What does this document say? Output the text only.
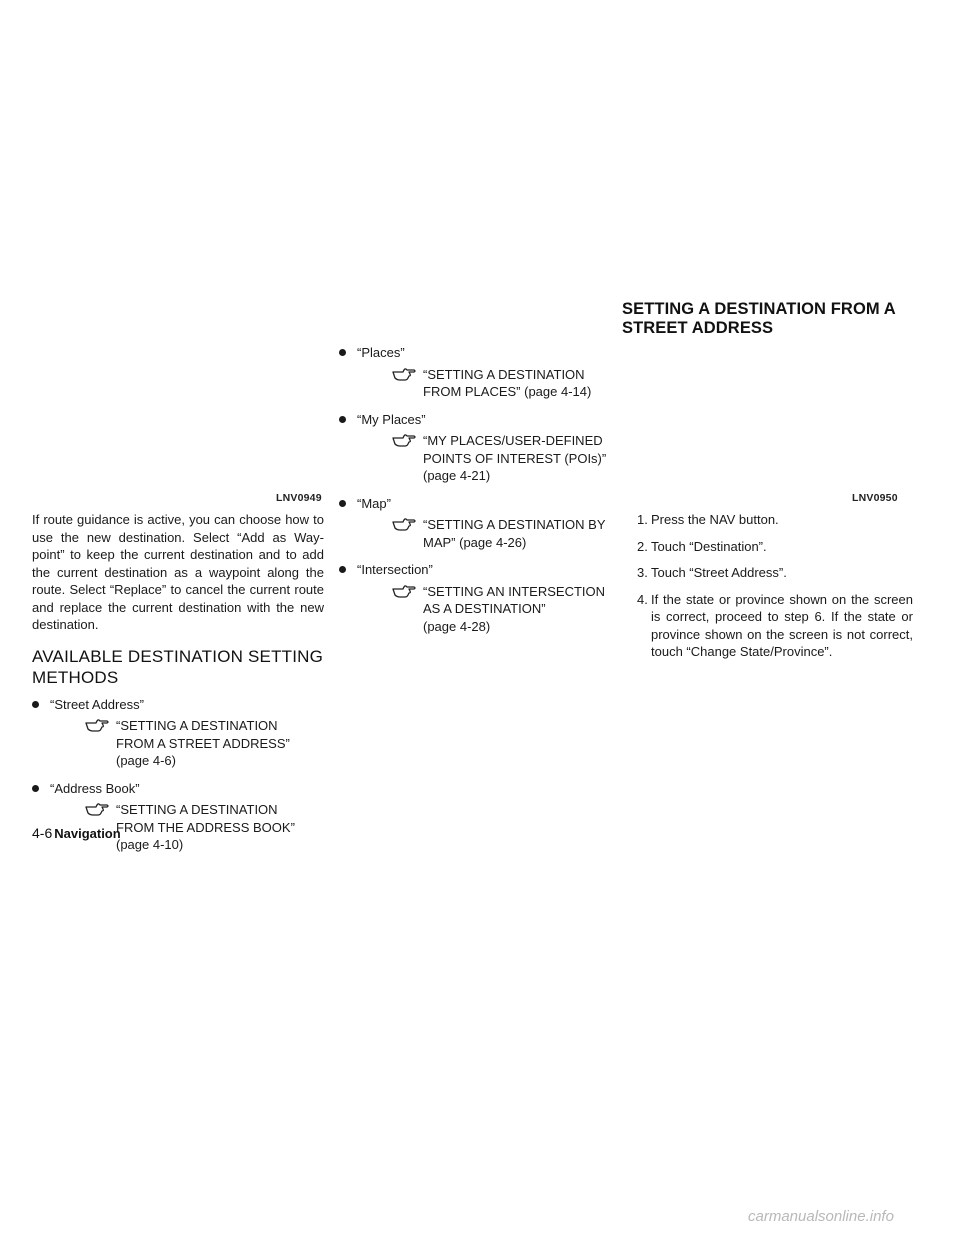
LNV0949	LNV0950
SETTING A DESTINATION FROM A
STREET ADDRESS

If route guidance is active, you can choose how to use the new destination. Select “Add as Way-point” to keep the current destination and to add the current destination as a waypoint along the route. Select “Replace” to cancel the current route and replace the current destination with the new destination.

AVAILABLE DESTINATION SETTING
METHODS
“Street Address”
“SETTING A DESTINATION
FROM A STREET ADDRESS”
(page 4-6)
“Address Book”
“SETTING A DESTINATION
FROM THE ADDRESS BOOK”
(page 4-10)
“Places”
“SETTING A DESTINATION
FROM PLACES” (page 4-14)
“My Places”
“MY PLACES/USER-DEFINED
POINTS OF INTEREST (POIs)”
(page 4-21)
“Map”
“SETTING A DESTINATION BY
MAP” (page 4-26)
“Intersection”
“SETTING AN INTERSECTION
AS A DESTINATION”
(page 4-28)
1. Press the NAV button.
2. Touch “Destination”.
3. Touch “Street Address”.
4. If the state or province shown on the screen is correct, proceed to step 6. If the state or province shown on the screen is not correct, touch “Change State/Province”.
4-6 Navigation
carmanualsonline.info
